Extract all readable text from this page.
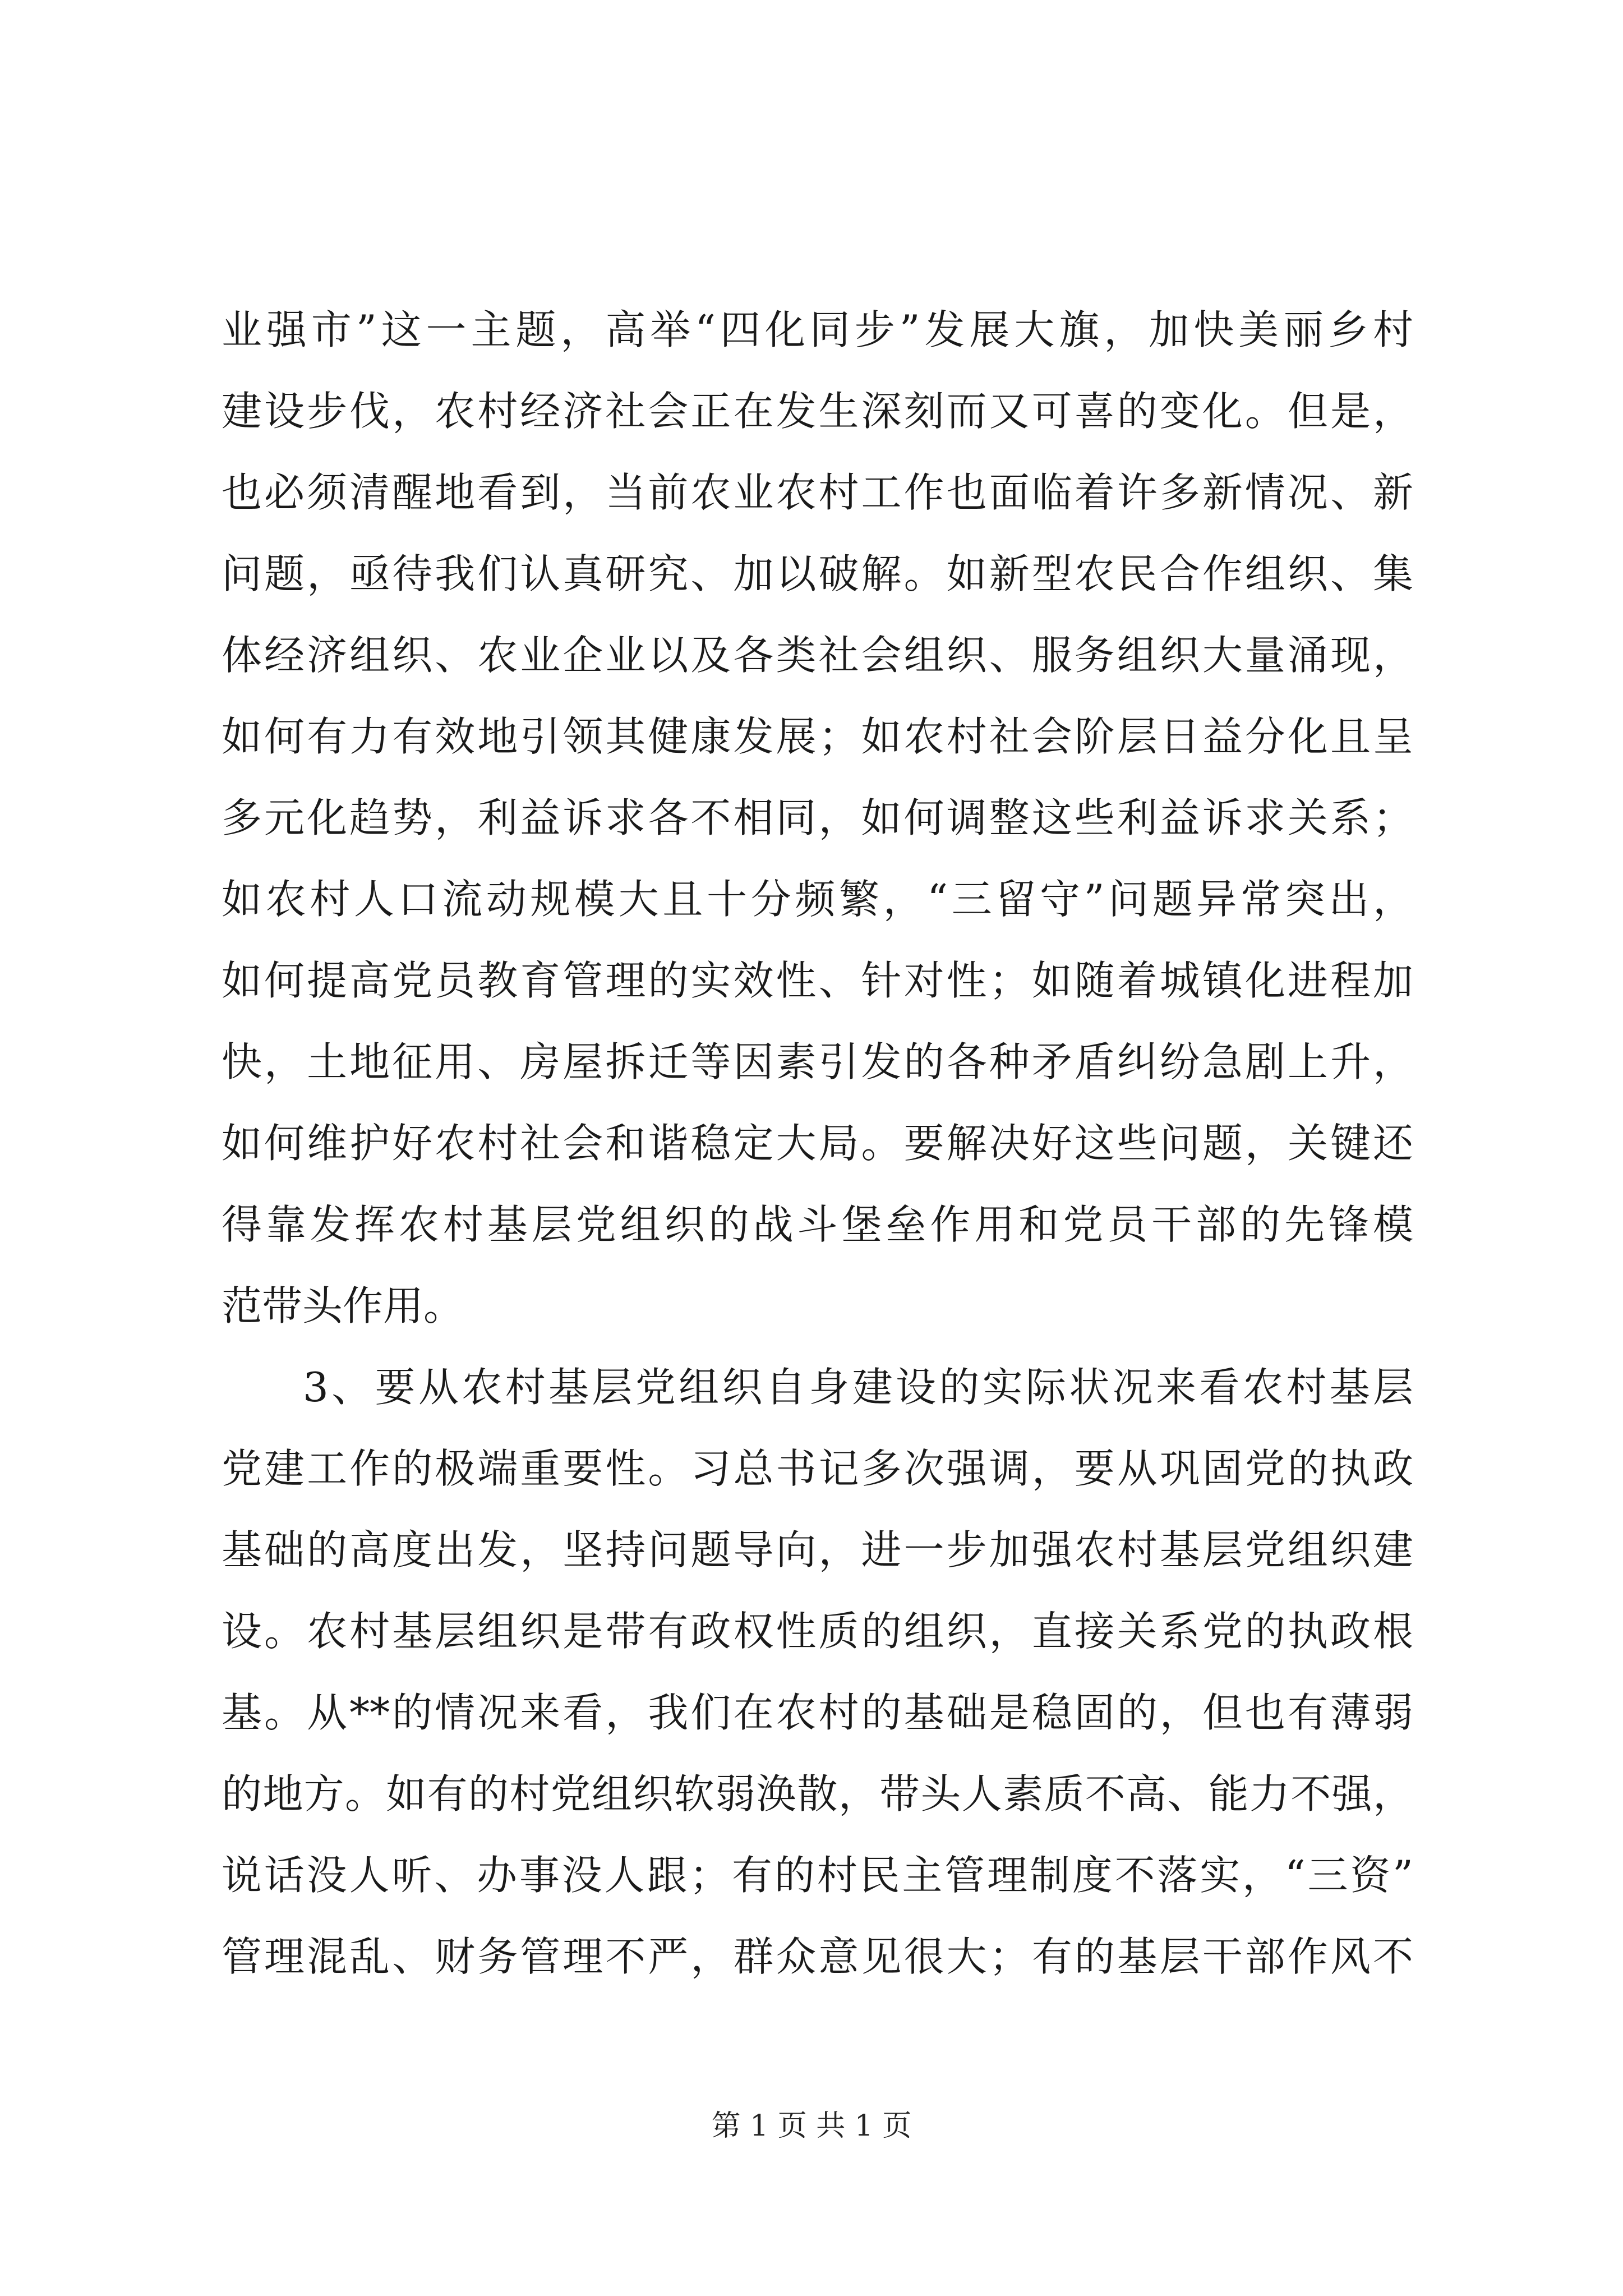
业强市”这一主题，高举“四化同步”发展大旗，加快美丽乡村
建设步伐，农村经济社会正在发生深刻而又可喜的变化。但是，
也必须清醒地看到，当前农业农村工作也面临着许多新情况、新
问题，亟待我们认真研究、加以破解。如新型农民合作组织、集
体经济组织、农业企业以及各类社会组织、服务组织大量涌现，
如何有力有效地引领其健康发展；如农村社会阶层日益分化且呈
多元化趋势，利益诉求各不相同，如何调整这些利益诉求关系；
如农村人口流动规模大且十分频繁，“三留守”问题异常突出，
如何提高党员教育管理的实效性、针对性；如随着城镇化进程加
快，土地征用、房屋拆迁等因素引发的各种矛盾纠纷急剧上升，
如何维护好农村社会和谐稳定大局。要解决好这些问题，关键还
得靠发挥农村基层党组织的战斗堡垒作用和党员干部的先锋模
范带头作用。
3、要从农村基层党组织自身建设的实际状况来看农村基层
党建工作的极端重要性。习总书记多次强调，要从巩固党的执政
基础的高度出发，坚持问题导向，进一步加强农村基层党组织建
设。农村基层组织是带有政权性质的组织，直接关系党的执政根
基。从**的情况来看，我们在农村的基础是稳固的，但也有薄弱
的地方。如有的村党组织软弱涣散，带头人素质不高、能力不强，
说话没人听、办事没人跟；有的村民主管理制度不落实，“三资”
管理混乱、财务管理不严，群众意见很大；有的基层干部作风不
第 1 页 共 1 页
